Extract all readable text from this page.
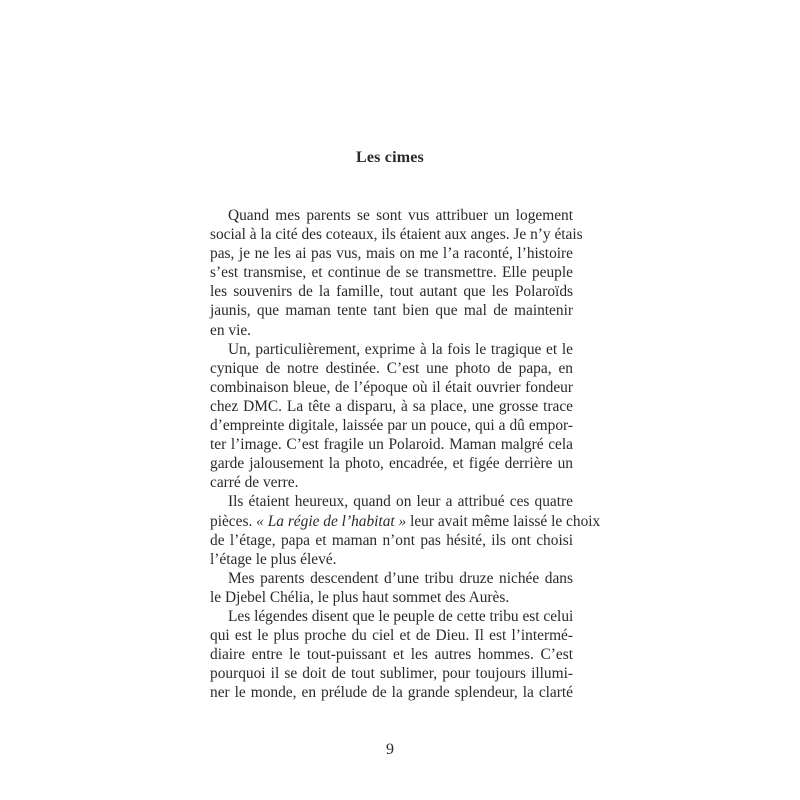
Les cimes
Quand mes parents se sont vus attribuer un logement
social à la cité des coteaux, ils étaient aux anges. Je n’y étais
pas, je ne les ai pas vus, mais on me l’a raconté, l’histoire
s’est transmise, et continue de se transmettre. Elle peuple
les souvenirs de la famille, tout autant que les Polaroïds
jaunis, que maman tente tant bien que mal de maintenir
en vie.
Un, particulièrement, exprime à la fois le tragique et le
cynique de notre destinée. C’est une photo de papa, en
combinaison bleue, de l’époque où il était ouvrier fondeur
chez DMC. La tête a disparu, à sa place, une grosse trace
d’empreinte digitale, laissée par un pouce, qui a dû empor-
ter l’image. C’est fragile un Polaroid. Maman malgré cela
garde jalousement la photo, encadrée, et figée derrière un
carré de verre.
Ils étaient heureux, quand on leur a attribué ces quatre
pièces. « La régie de l’habitat » leur avait même laissé le choix
de l’étage, papa et maman n’ont pas hésité, ils ont choisi
l’étage le plus élevé.
Mes parents descendent d’une tribu druze nichée dans
le Djebel Chélia, le plus haut sommet des Aurès.
Les légendes disent que le peuple de cette tribu est celui
qui est le plus proche du ciel et de Dieu. Il est l’intermé-
diaire entre le tout-puissant et les autres hommes. C’est
pourquoi il se doit de tout sublimer, pour toujours illumi-
ner le monde, en prélude de la grande splendeur, la clarté
9
